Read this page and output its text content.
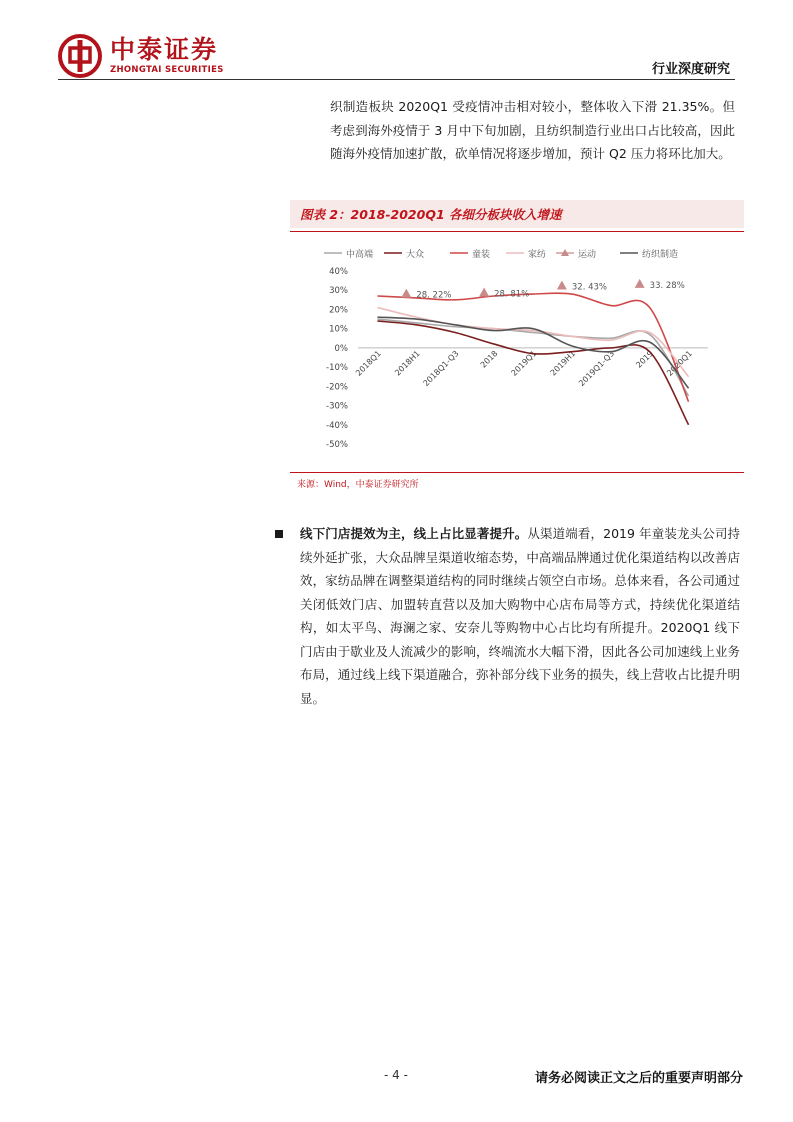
中泰证券
ZHONGTAI SECURITIES	行业深度研究
织制造板块 2020Q1 受疫情冲击相对较小，整体收入下滑 21.35%。但考虑到海外疫情于 3 月中下旬加剧，且纺织制造行业出口占比较高，因此随海外疫情加速扩散，砍单情况将逐步增加，预计 Q2 压力将环比加大。
图表 2：2018-2020Q1 各细分板块收入增速
中高端	大众	童装	家纺	运动	纺织制造
40%
30%
20%
10%
0%
-10%
-20%
-30%
-40%
-50%
2018Q1 2018H1 2018Q1-Q3 2018 2019Q1 2019H1 2019Q1-Q3 2019 2020Q1
28. 22%	28. 81%
32. 43%	33. 28%
来源：Wind，中泰证券研究所
线下门店提效为主，线上占比显著提升。从渠道端看，2019 年童装龙头公司持续外延扩张，大众品牌呈渠道收缩态势，中高端品牌通过优化渠道结构以改善店效，家纺品牌在调整渠道结构的同时继续占领空白市场。总体来看，各公司通过关闭低效门店、加盟转直营以及加大购物中心店布局等方式，持续优化渠道结构，如太平鸟、海澜之家、安奈儿等购物中心占比均有所提升。2020Q1 线下门店由于歇业及人流减少的影响，终端流水大幅下滑，因此各公司加速线上业务布局，通过线上线下渠道融合，弥补部分线下业务的损失，线上营收占比提升明显。
- 4 -	请务必阅读正文之后的重要声明部分
